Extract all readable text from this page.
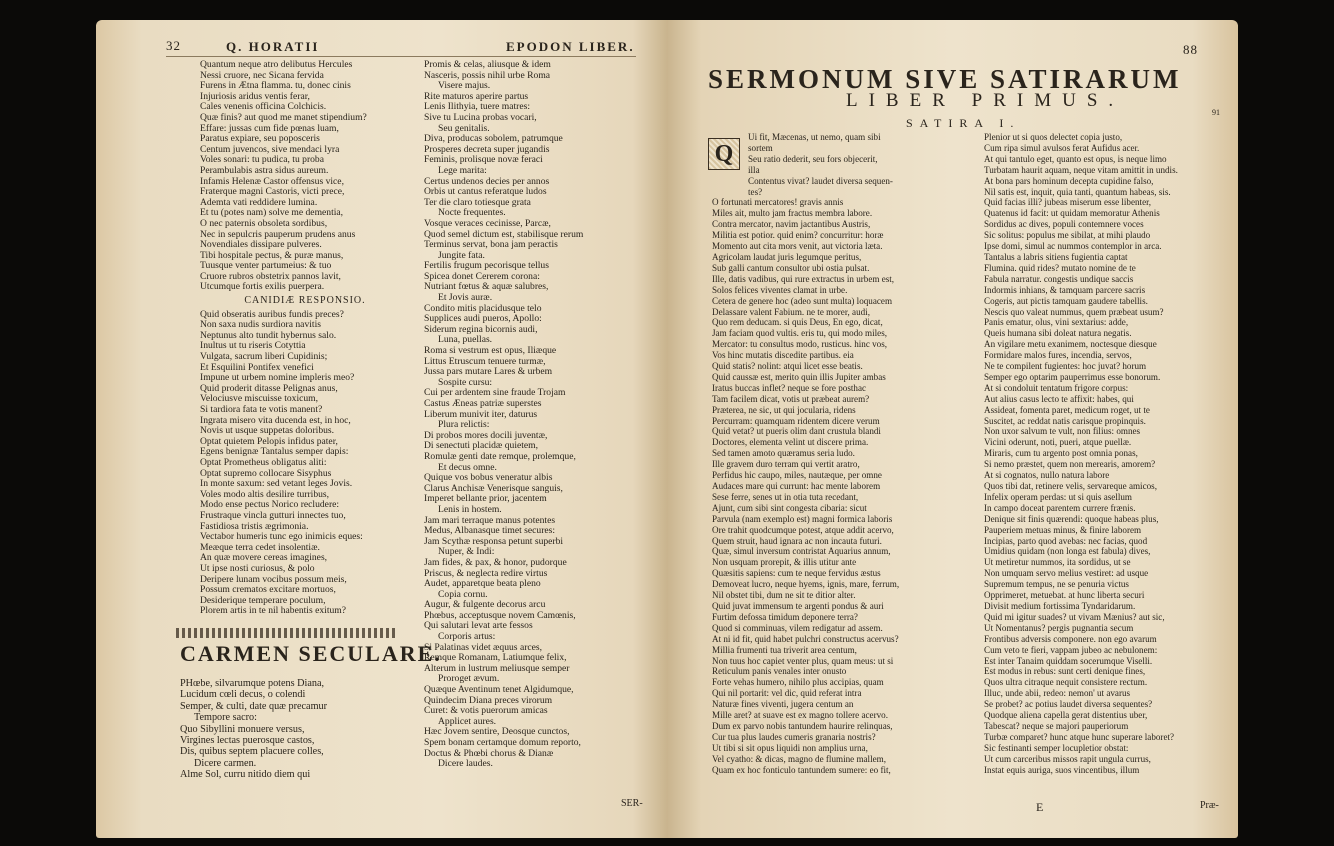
32	Q. HORATII	EPODON LIBER.
Quantum neque atro delibutus Hercules
Nessi cruore, nec Sicana fervida
Furens in Ætna flamma. tu, donec cinis
Injuriosis aridus ventis ferar,
Cales venenis officina Colchicis.
Quæ finis? aut quod me manet stipendium?
Effare: jussas cum fide pœnas luam,
Paratus expiare, seu poposceris
Centum juvencos, sive mendaci lyra
Voles sonari: tu pudica, tu proba
Perambulabis astra sidus aureum.
Infamis Helenæ Castor offensus vice,
Fraterque magni Castoris, victi prece,
Ademta vati reddidere lumina.
Et tu (potes nam) solve me dementia,
O nec paternis obsoleta sordibus,
Nec in sepulcris pauperum prudens anus
Novendiales dissipare pulveres.
Tibi hospitale pectus, & puræ manus,
Tuusque venter partumeius: & tuo
Cruore rubros obstetrix pannos lavit,
Utcumque fortis exilis puerpera.
CANIDIÆ RESPONSIO.
Quid obseratis auribus fundis preces?
Non saxa nudis surdiora navitis
Neptunus alto tundit hybernus salo.
Inultus ut tu riseris Cotyttia
Vulgata, sacrum liberi Cupidinis;
Et Esquilini Pontifex venefici
Impune ut urbem nomine impleris meo?
Quid proderit ditasse Pelignas anus,
Velociusve miscuisse toxicum,
Si tardiora fata te votis manent?
Ingrata misero vita ducenda est, in hoc,
Novis ut usque suppetas doloribus.
Optat quietem Pelopis infidus pater,
Egens benignæ Tantalus semper dapis:
Optat Prometheus obligatus aliti:
Optat supremo collocare Sisyphus
In monte saxum: sed vetant leges Jovis.
Voles modo altis desilire turribus,
Modo ense pectus Norico recludere:
Frustraque vincla gutturi innectes tuo,
Fastidiosa tristis ægrimonia.
Vectabor humeris tunc ego inimicis eques:
Meæque terra cedet insolentiæ.
An quæ movere cereas imagines,
Ut ipse nosti curiosus, & polo
Deripere lunam vocibus possum meis,
Possum crematos excitare mortuos,
Desiderique temperare poculum,
Plorem artis in te nil habentis exitum?
CARMEN SECULARE.
PHœbe, silvarumque potens Diana,
Lucidum cœli decus, o colendi
Semper, & culti, date quæ precamur
Tempore sacro:
Quo Sibyllini monuere versus,
Virgines lectas puerosque castos,
Dis, quibus septem placuere colles,
Dicere carmen.
Alme Sol, curru nitido diem qui
Promis & celas, aliusque & idem
Nasceris, possis nihil urbe Roma
Visere majus.
Rite maturos aperire partus
Lenis Ilithyia, tuere matres:
Sive tu Lucina probas vocari,
Seu genitalis.
Diva, producas sobolem, patrumque
Prosperes decreta super jugandis
Feminis, prolisque novæ feraci
Lege marita:
Certus undenos decies per annos
Orbis ut cantus referatque ludos
Ter die claro totiesque grata
Nocte frequentes.
Vosque veraces cecinisse, Parcæ,
Quod semel dictum est, stabilisque rerum
Terminus servat, bona jam peractis
Jungite fata.
Fertilis frugum pecorisque tellus
Spicea donet Cererem corona:
Nutriant fœtus & aquæ salubres,
Et Jovis auræ.
Condito mitis placidusque telo
Supplices audi pueros, Apollo:
Siderum regina bicornis audi,
Luna, puellas.
Roma si vestrum est opus, Iliæque
Littus Etruscum tenuere turmæ,
Jussa pars mutare Lares & urbem
Sospite cursu:
Cui per ardentem sine fraude Trojam
Castus Æneas patriæ superstes
Liberum munivit iter, daturus
Plura relictis:
Di probos mores docili juventæ,
Di senectuti placidæ quietem,
Romulæ genti date remque, prolemque,
Et decus omne.
Quique vos bobus veneratur albis
Clarus Anchisæ Venerisque sanguis,
Imperet bellante prior, jacentem
Lenis in hostem.
Jam mari terraque manus potentes
Medus, Albanasque timet secures:
Jam Scythæ responsa petunt superbi
Nuper, & Indi:
Jam fides, & pax, & honor, pudorque
Priscus, & neglecta redire virtus
Audet, apparetque beata pleno
Copia cornu.
Augur, & fulgente decorus arcu
Phœbus, acceptusque novem Camœnis,
Qui salutari levat arte fessos
Corporis artus:
Si Palatinas videt æquus arces,
Remque Romanam, Latiumque felix,
Alterum in lustrum meliusque semper
Proroget ævum.
Quæque Aventinum tenet Algidumque,
Quindecim Diana preces virorum
Curet: & votis puerorum amicas
Applicet aures.
Hæc Jovem sentire, Deosque cunctos,
Spem bonam certamque domum reporto,
Doctus & Phœbi chorus & Dianæ
Dicere laudes.
SER-
88
SERMONUM SIVE SATIRARUM
LIBER PRIMUS.
SATIRA I.
91
Q
Ui fit, Mæcenas, ut nemo, quam sibi
sortem
Seu ratio dederit, seu fors objecerit,
illa
Contentus vivat? laudet diversa sequen-
tes?
O fortunati mercatores! gravis annis
Miles ait, multo jam fractus membra labore.
Contra mercator, navim jactantibus Austris,
Militia est potior. quid enim? concurritur: horæ
Momento aut cita mors venit, aut victoria læta.
Agricolam laudat juris legumque peritus,
Sub galli cantum consultor ubi ostia pulsat.
Ille, datis vadibus, qui rure extractus in urbem est,
Solos felices viventes clamat in urbe.
Cetera de genere hoc (adeo sunt multa) loquacem
Delassare valent Fabium. ne te morer, audi,
Quo rem deducam. si quis Deus, En ego, dicat,
Jam faciam quod vultis. eris tu, qui modo miles,
Mercator: tu consultus modo, rusticus. hinc vos,
Vos hinc mutatis discedite partibus. eia
Quid statis? nolint: atqui licet esse beatis.
Quid caussæ est, merito quin illis Jupiter ambas
Iratus buccas inflet? neque se fore posthac
Tam facilem dicat, votis ut præbeat aurem?
Præterea, ne sic, ut qui jocularia, ridens
Percurram: quamquam ridentem dicere verum
Quid vetat? ut pueris olim dant crustula blandi
Doctores, elementa velint ut discere prima.
Sed tamen amoto quæramus seria ludo.
Ille gravem duro terram qui vertit aratro,
Perfidus hic caupo, miles, nautæque, per omne
Audaces mare qui currunt: hac mente laborem
Sese ferre, senes ut in otia tuta recedant,
Ajunt, cum sibi sint congesta cibaria: sicut
Parvula (nam exemplo est) magni formica laboris
Ore trahit quodcumque potest, atque addit acervo,
Quem struit, haud ignara ac non incauta futuri.
Quæ, simul inversum contristat Aquarius annum,
Non usquam prorepit, & illis utitur ante
Quæsitis sapiens: cum te neque fervidus æstus
Demoveat lucro, neque hyems, ignis, mare, ferrum,
Nil obstet tibi, dum ne sit te ditior alter.
Quid juvat immensum te argenti pondus & auri
Furtim defossa timidum deponere terra?
Quod si comminuas, vilem redigatur ad assem.
At ni id fit, quid habet pulchri constructus acervus?
Millia frumenti tua triverit area centum,
Non tuus hoc capiet venter plus, quam meus: ut si
Reticulum panis venales inter onusto
Forte vehas humero, nihilo plus accipias, quam
Qui nil portarit: vel dic, quid referat intra
Naturæ fines viventi, jugera centum an
Mille aret? at suave est ex magno tollere acervo.
Dum ex parvo nobis tantundem haurire relinquas,
Cur tua plus laudes cumeris granaria nostris?
Ut tibi si sit opus liquidi non amplius urna,
Vel cyatho: & dicas, magno de flumine mallem,
Quam ex hoc fonticulo tantundem sumere: eo fit,
Plenior ut si quos delectet copia justo,
Cum ripa simul avulsos ferat Aufidus acer.
At qui tantulo eget, quanto est opus, is neque limo
Turbatam haurit aquam, neque vitam amittit in undis.
At bona pars hominum decepta cupidine falso,
Nil satis est, inquit, quia tanti, quantum habeas, sis.
Quid facias illi? jubeas miserum esse libenter,
Quatenus id facit: ut quidam memoratur Athenis
Sordidus ac dives, populi contemnere voces
Sic solitus: populus me sibilat, at mihi plaudo
Ipse domi, simul ac nummos contemplor in arca.
Tantalus a labris sitiens fugientia captat
Flumina. quid rides? mutato nomine de te
Fabula narratur. congestis undique saccis
Indormis inhians, & tamquam parcere sacris
Cogeris, aut pictis tamquam gaudere tabellis.
Nescis quo valeat nummus, quem præbeat usum?
Panis ematur, olus, vini sextarius: adde,
Queis humana sibi doleat natura negatis.
An vigilare metu exanimem, noctesque diesque
Formidare malos fures, incendia, servos,
Ne te compilent fugientes: hoc juvat? horum
Semper ego optarim pauperrimus esse bonorum.
At si condoluit tentatum frigore corpus:
Aut alius casus lecto te affixit: habes, qui
Assideat, fomenta paret, medicum roget, ut te
Suscitet, ac reddat natis carisque propinquis.
Non uxor salvum te vult, non filius: omnes
Vicini oderunt, noti, pueri, atque puellæ.
Miraris, cum tu argento post omnia ponas,
Si nemo præstet, quem non merearis, amorem?
At si cognatos, nullo natura labore
Quos tibi dat, retinere velis, servareque amicos,
Infelix operam perdas: ut si quis asellum
In campo doceat parentem currere frænis.
Denique sit finis quærendi: quoque habeas plus,
Pauperiem metuas minus, & finire laborem
Incipias, parto quod avebas: nec facias, quod
Umidius quidam (non longa est fabula) dives,
Ut metiretur nummos, ita sordidus, ut se
Non umquam servo melius vestiret: ad usque
Supremum tempus, ne se penuria victus
Opprimeret, metuebat. at hunc liberta securi
Divisit medium fortissima Tyndaridarum.
Quid mi igitur suades? ut vivam Mænius? aut sic,
Ut Nomentanus? pergis pugnantia secum
Frontibus adversis componere. non ego avarum
Cum veto te fieri, vappam jubeo ac nebulonem:
Est inter Tanaim quiddam socerumque Viselli.
Est modus in rebus: sunt certi denique fines,
Quos ultra citraque nequit consistere rectum.
Illuc, unde abii, redeo: nemon' ut avarus
Se probet? ac potius laudet diversa sequentes?
Quodque aliena capella gerat distentius uber,
Tabescat? neque se majori pauperiorum
Turbæ comparet? hunc atque hunc superare laboret?
Sic festinanti semper locupletior obstat:
Ut cum carceribus missos rapit ungula currus,
Instat equis auriga, suos vincentibus, illum
E	Præ-
